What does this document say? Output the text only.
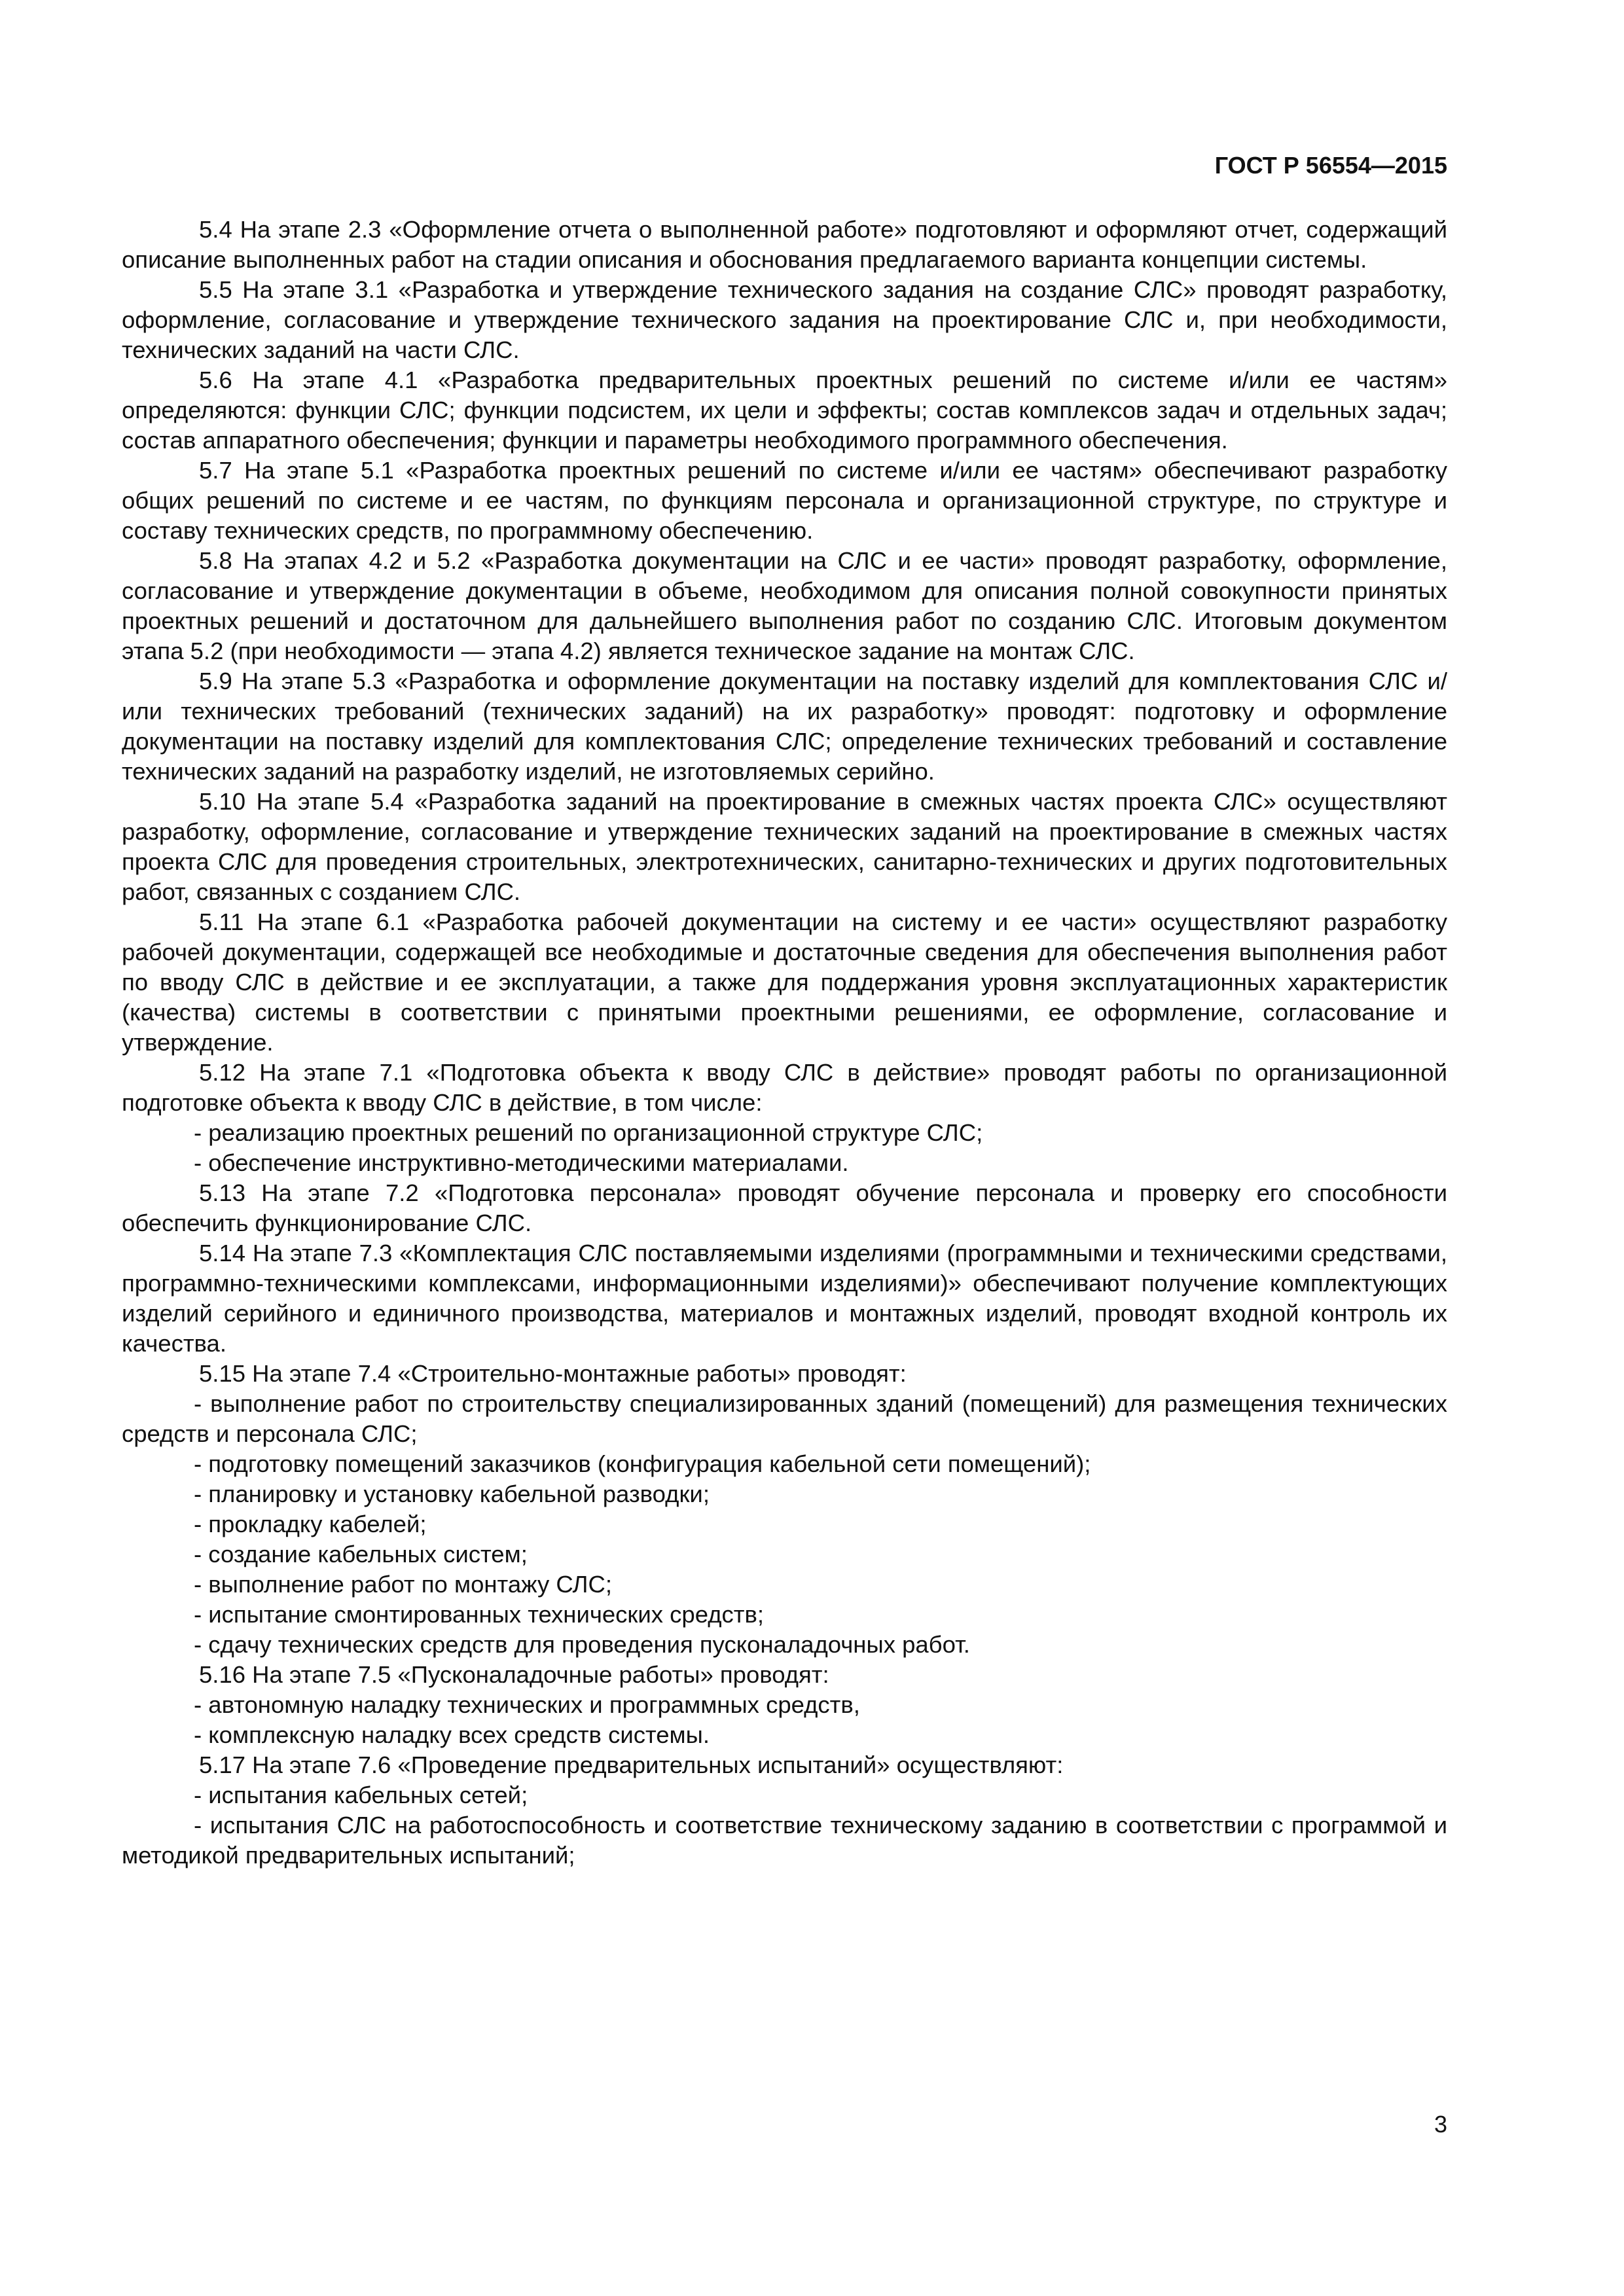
ГОСТ Р 56554—2015

5.4 На этапе 2.3 «Оформление отчета о выполненной работе» подготовляют и оформляют отчет, содержащий описание выполненных работ на стадии описания и обоснования предлагаемого варианта концепции системы.

5.5 На этапе 3.1 «Разработка и утверждение технического задания на создание СЛС» проводят разработку, оформление, согласование и утверждение технического задания на проектирование СЛС и, при необходимости, технических заданий на части СЛС.

5.6 На этапе 4.1 «Разработка предварительных проектных решений по системе и/или ее частям» определяются: функции СЛС; функции подсистем, их цели и эффекты; состав комплексов задач и отдельных задач; состав аппаратного обеспечения; функции и параметры необходимого программного обеспечения.

5.7 На этапе 5.1 «Разработка проектных решений по системе и/или ее частям» обеспечивают разработку общих решений по системе и ее частям, по функциям персонала и организационной структуре, по структуре и составу технических средств, по программному обеспечению.

5.8 На этапах 4.2 и 5.2 «Разработка документации на СЛС и ее части» проводят разработку, оформление, согласование и утверждение документации в объеме, необходимом для описания полной совокупности принятых проектных решений и достаточном для дальнейшего выполнения работ по созданию СЛС. Итоговым документом этапа 5.2 (при необходимости — этапа 4.2) является техническое задание на монтаж СЛС.

5.9 На этапе 5.3 «Разработка и оформление документации на поставку изделий для комплектования СЛС и/или технических требований (технических заданий) на их разработку» проводят: подготовку и оформление документации на поставку изделий для комплектования СЛС; определение технических требований и составление технических заданий на разработку изделий, не изготовляемых серийно.

5.10 На этапе 5.4 «Разработка заданий на проектирование в смежных частях проекта СЛС» осуществляют разработку, оформление, согласование и утверждение технических заданий на проектирование в смежных частях проекта СЛС для проведения строительных, электротехнических, санитарно-технических и других подготовительных работ, связанных с созданием СЛС.

5.11 На этапе 6.1 «Разработка рабочей документации на систему и ее части» осуществляют разработку рабочей документации, содержащей все необходимые и достаточные сведения для обеспечения выполнения работ по вводу СЛС в действие и ее эксплуатации, а также для поддержания уровня эксплуатационных характеристик (качества) системы в соответствии с принятыми проектными решениями, ее оформление, согласование и утверждение.

5.12 На этапе 7.1 «Подготовка объекта к вводу СЛС в действие» проводят работы по организационной подготовке объекта к вводу СЛС в действие, в том числе:

- реализацию проектных решений по организационной структуре СЛС;

- обеспечение инструктивно-методическими материалами.

5.13 На этапе 7.2 «Подготовка персонала» проводят обучение персонала и проверку его способности обеспечить функционирование СЛС.

5.14 На этапе 7.3 «Комплектация СЛС поставляемыми изделиями (программными и техническими средствами, программно-техническими комплексами, информационными изделиями)» обеспечивают получение комплектующих изделий серийного и единичного производства, материалов и монтажных изделий, проводят входной контроль их качества.

5.15 На этапе 7.4 «Строительно-монтажные работы» проводят:

- выполнение работ по строительству специализированных зданий (помещений) для размещения технических средств и персонала СЛС;

- подготовку помещений заказчиков (конфигурация кабельной сети помещений);

- планировку и установку кабельной разводки;

- прокладку кабелей;

- создание кабельных систем;

- выполнение работ по монтажу СЛС;

- испытание смонтированных технических средств;

- сдачу технических средств для проведения пусконаладочных работ.

5.16 На этапе 7.5 «Пусконаладочные работы» проводят:

- автономную наладку технических и программных средств,

- комплексную наладку всех средств системы.

5.17 На этапе 7.6 «Проведение предварительных испытаний» осуществляют:

- испытания кабельных сетей;

- испытания СЛС на работоспособность и соответствие техническому заданию в соответствии с программой и методикой предварительных испытаний;

3
